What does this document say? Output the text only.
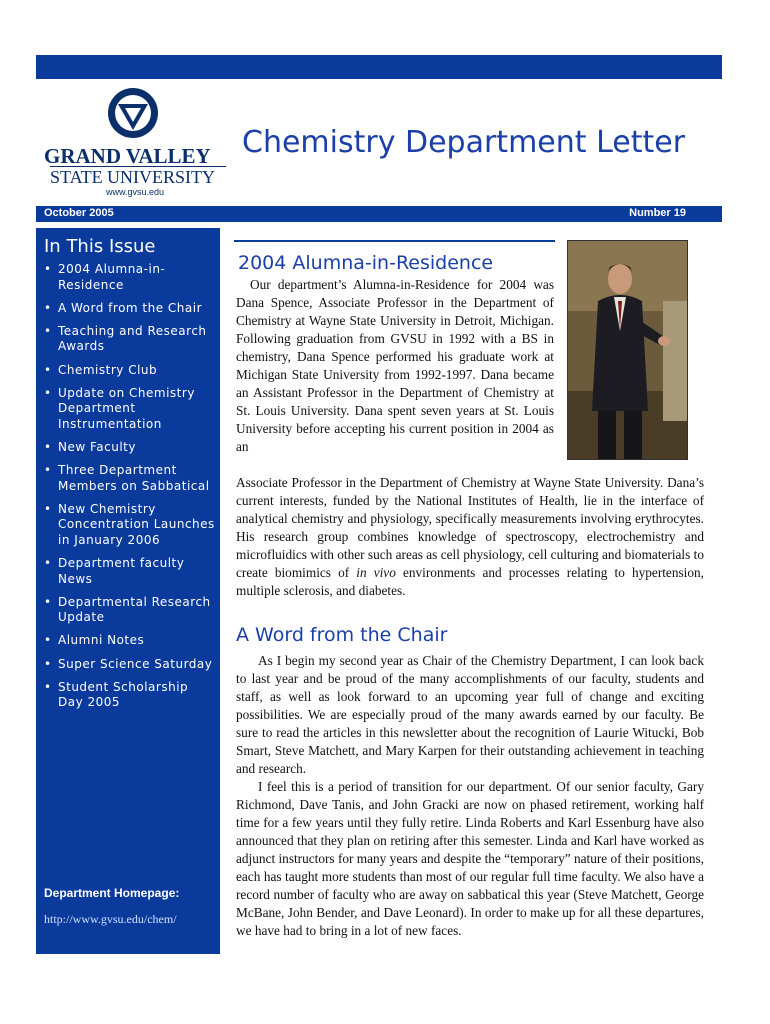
GRAND VALLEY
STATE UNIVERSITY
www.gvsu.edu
Chemistry Department Letter
October 2005	Number 19
In This Issue
• 2004 Alumna-in-Residence
• A Word from the Chair
• Teaching and Research Awards
• Chemistry Club
• Update on Chemistry Department Instrumentation
• New Faculty
• Three Department Members on Sabbatical
• New Chemistry Concentration Launches in January 2006
• Department faculty News
• Departmental Research Update
• Alumni Notes
• Super Science Saturday
• Student Scholarship Day 2005
Department Homepage:
http://www.gvsu.edu/chem/
2004 Alumna-in-Residence

Our department’s Alumna-in-Residence for 2004 was Dana Spence, Associate Professor in the Department of Chemistry at Wayne State University in Detroit, Michigan. Following graduation from GVSU in 1992 with a BS in chemistry, Dana Spence performed his graduate work at Michigan State University from 1992-1997. Dana became an Assistant Professor in the Department of Chemistry at St. Louis University. Dana spent seven years at St. Louis University before accepting his current position in 2004 as an

Associate Professor in the Department of Chemistry at Wayne State University. Dana’s current interests, funded by the National Institutes of Health, lie in the interface of analytical chemistry and physiology, specifically measurements involving erythrocytes. His research group combines knowledge of spectroscopy, electrochemistry and microfluidics with other such areas as cell physiology, cell culturing and biomaterials to create biomimics of in vivo environments and processes relating to hypertension, multiple sclerosis, and diabetes.

A Word from the Chair

As I begin my second year as Chair of the Chemistry Department, I can look back to last year and be proud of the many accomplishments of our faculty, students and staff, as well as look forward to an upcoming year full of change and exciting possibilities. We are especially proud of the many awards earned by our faculty. Be sure to read the articles in this newsletter about the recognition of Laurie Witucki, Bob Smart, Steve Matchett, and Mary Karpen for their outstanding achievement in teaching and research.

I feel this is a period of transition for our department. Of our senior faculty, Gary Richmond, Dave Tanis, and John Gracki are now on phased retirement, working half time for a few years until they fully retire. Linda Roberts and Karl Essenburg have also announced that they plan on retiring after this semester. Linda and Karl have worked as adjunct instructors for many years and despite the “temporary” nature of their positions, each has taught more students than most of our regular full time faculty. We also have a record number of faculty who are away on sabbatical this year (Steve Matchett, George McBane, John Bender, and Dave Leonard). In order to make up for all these departures, we have had to bring in a lot of new faces.
